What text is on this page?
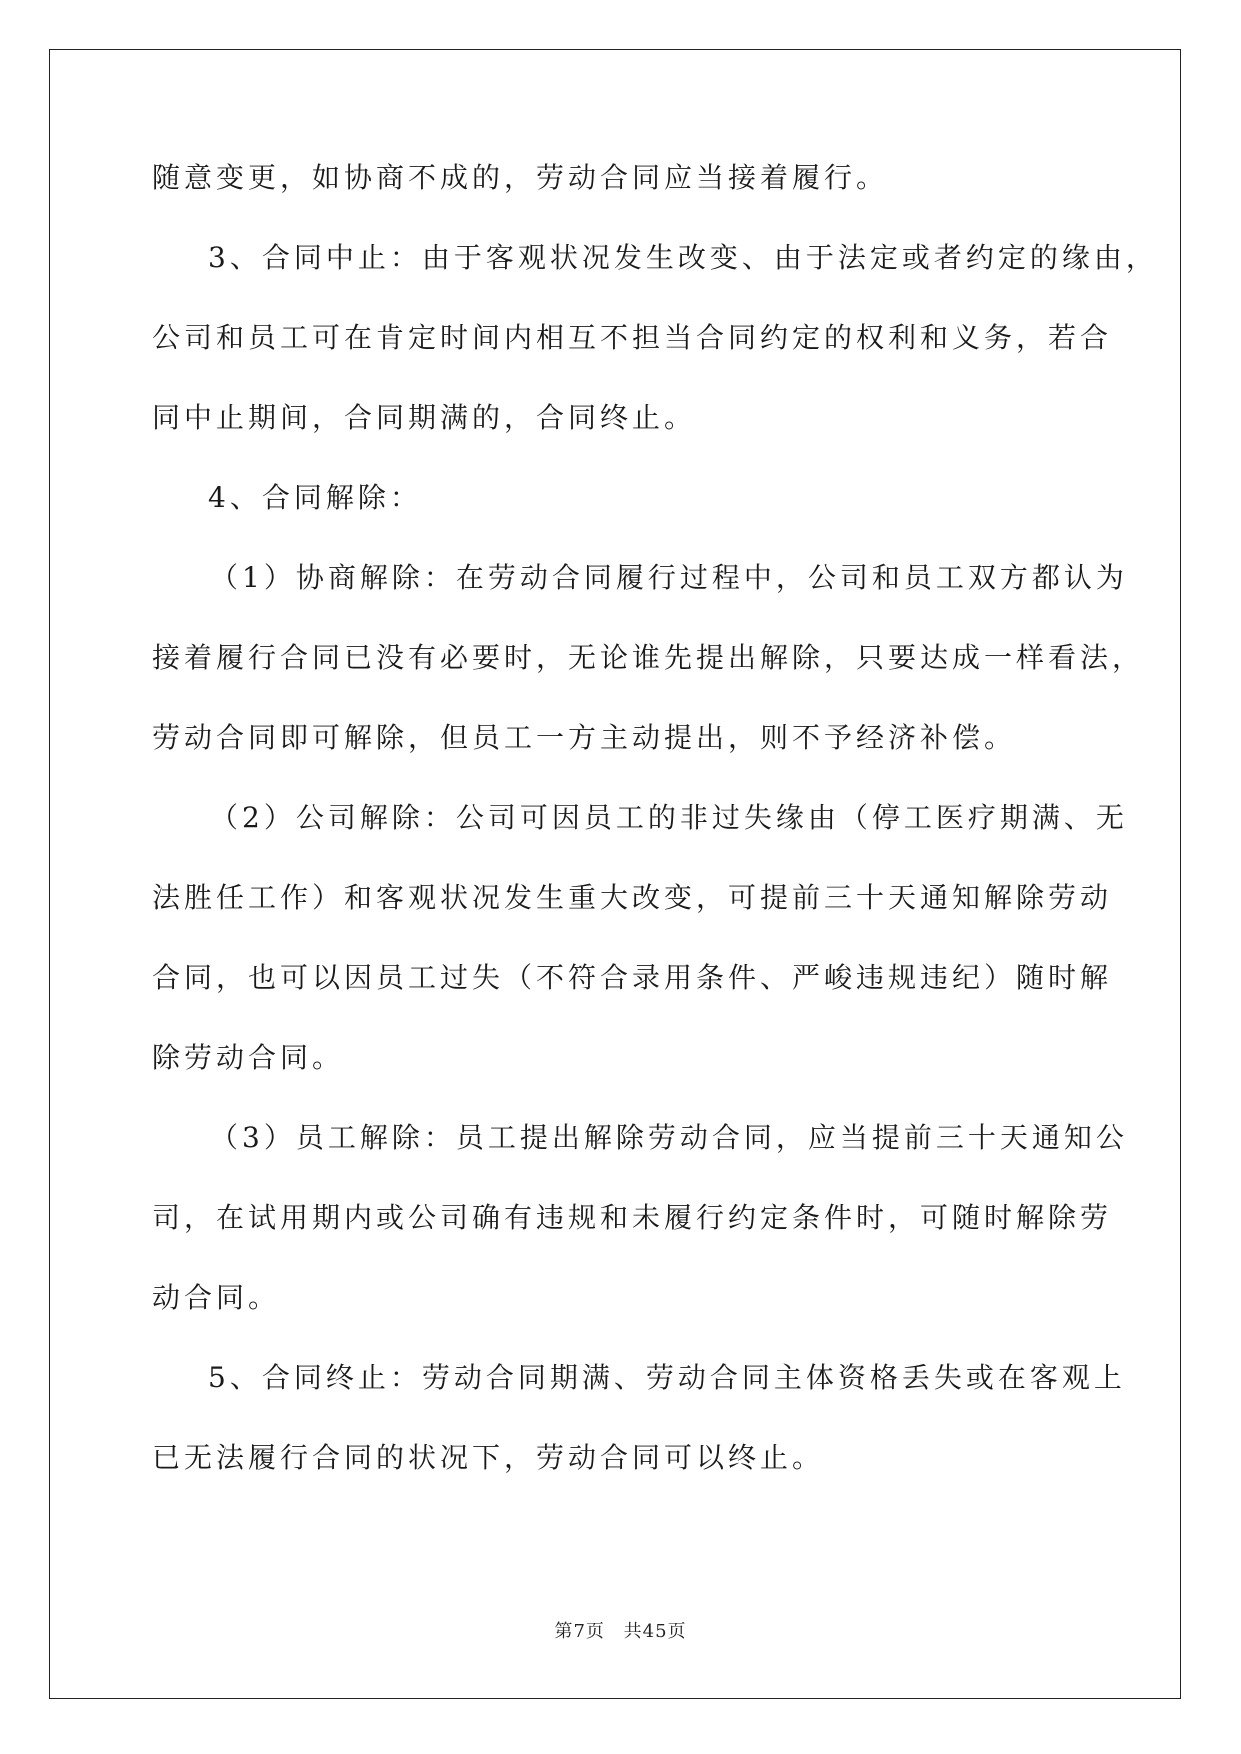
随意变更，如协商不成的，劳动合同应当接着履行。

3、合同中止：由于客观状况发生改变、由于法定或者约定的缘由，

公司和员工可在肯定时间内相互不担当合同约定的权利和义务，若合

同中止期间，合同期满的，合同终止。

4、合同解除：

（1）协商解除：在劳动合同履行过程中，公司和员工双方都认为

接着履行合同已没有必要时，无论谁先提出解除，只要达成一样看法，

劳动合同即可解除，但员工一方主动提出，则不予经济补偿。

（2）公司解除：公司可因员工的非过失缘由（停工医疗期满、无

法胜任工作）和客观状况发生重大改变，可提前三十天通知解除劳动

合同，也可以因员工过失（不符合录用条件、严峻违规违纪）随时解

除劳动合同。

（3）员工解除：员工提出解除劳动合同，应当提前三十天通知公

司，在试用期内或公司确有违规和未履行约定条件时，可随时解除劳

动合同。

5、合同终止：劳动合同期满、劳动合同主体资格丢失或在客观上

已无法履行合同的状况下，劳动合同可以终止。

第7页 共45页
